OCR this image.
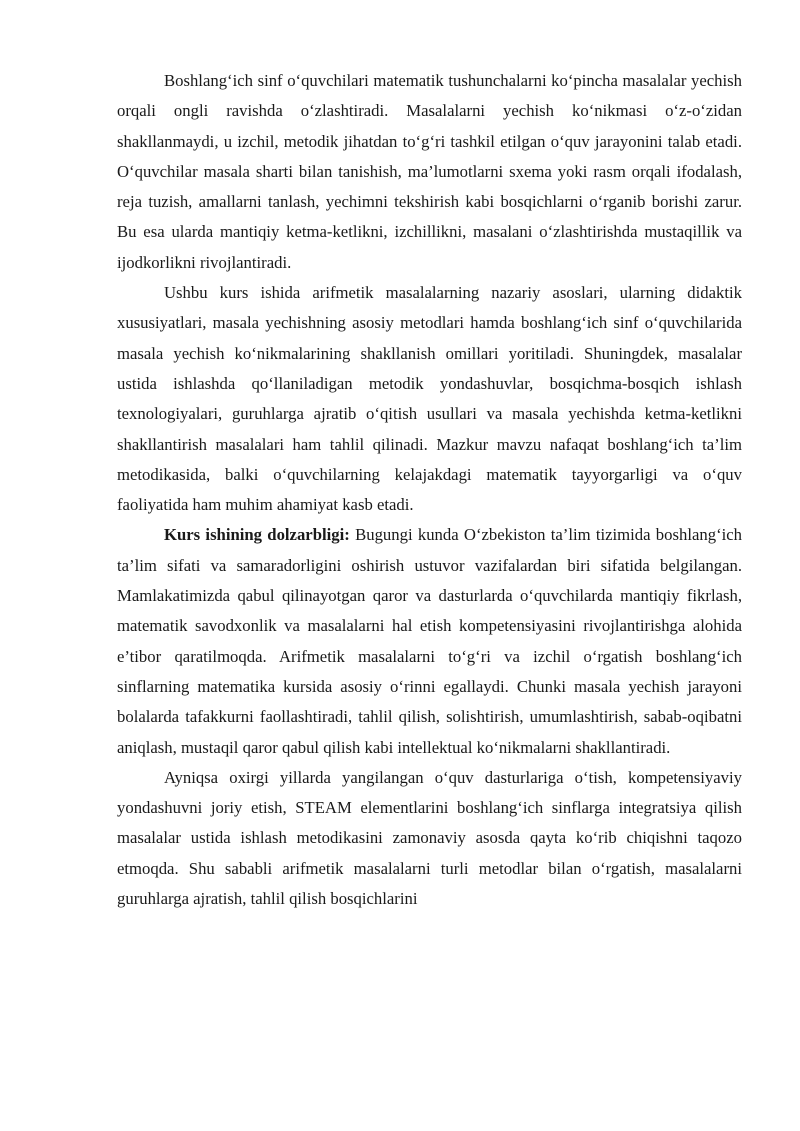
Boshlang‘ich sinf o‘quvchilari matematik tushunchalarni ko‘pincha masalalar yechish orqali ongli ravishda o‘zlashtiradi. Masalalarni yechish ko‘nikmasi o‘z-o‘zidan shakllanmaydi, u izchil, metodik jihatdan to‘g‘ri tashkil etilgan o‘quv jarayonini talab etadi. O‘quvchilar masala sharti bilan tanishish, ma’lumotlarni sxema yoki rasm orqali ifodalash, reja tuzish, amallarni tanlash, yechimni tekshirish kabi bosqichlarni o‘rganib borishi zarur. Bu esa ularda mantiqiy ketma-ketlikni, izchillikni, masalani o‘zlashtirishda mustaqillik va ijodkorlikni rivojlantiradi.

Ushbu kurs ishida arifmetik masalalarning nazariy asoslari, ularning didaktik xususiyatlari, masala yechishning asosiy metodlari hamda boshlang‘ich sinf o‘quvchilarida masala yechish ko‘nikmalarining shakllanish omillari yoritiladi. Shuningdek, masalalar ustida ishlashda qo‘llaniladigan metodik yondashuvlar, bosqichma-bosqich ishlash texnologiyalari, guruhlarga ajratib o‘qitish usullari va masala yechishda ketma-ketlikni shakllantirish masalalari ham tahlil qilinadi. Mazkur mavzu nafaqat boshlang‘ich ta’lim metodikasida, balki o‘quvchilarning kelajakdagi matematik tayyorgarligi va o‘quv faoliyatida ham muhim ahamiyat kasb etadi.

Kurs ishining dolzarbligi: Bugungi kunda O‘zbekiston ta’lim tizimida boshlang‘ich ta’lim sifati va samaradorligini oshirish ustuvor vazifalardan biri sifatida belgilangan. Mamlakatimizda qabul qilinayotgan qaror va dasturlarda o‘quvchilarda mantiqiy fikrlash, matematik savodxonlik va masalalarni hal etish kompetensiyasini rivojlantirishga alohida e’tibor qaratilmoqda. Arifmetik masalalarni to‘g‘ri va izchil o‘rgatish boshlang‘ich sinflarning matematika kursida asosiy o‘rinni egallaydi. Chunki masala yechish jarayoni bolalarda tafakkurni faollashtiradi, tahlil qilish, solishtirish, umumlashtirish, sabab-oqibatni aniqlash, mustaqil qaror qabul qilish kabi intellektual ko‘nikmalarni shakllantiradi.

Ayniqsa oxirgi yillarda yangilangan o‘quv dasturlariga o‘tish, kompetensiyaviy yondashuvni joriy etish, STEAM elementlarini boshlang‘ich sinflarga integratsiya qilish masalalar ustida ishlash metodikasini zamonaviy asosda qayta ko‘rib chiqishni taqozo etmoqda. Shu sababli arifmetik masalalarni turli metodlar bilan o‘rgatish, masalalarni guruhlarga ajratish, tahlil qilish bosqichlarini
